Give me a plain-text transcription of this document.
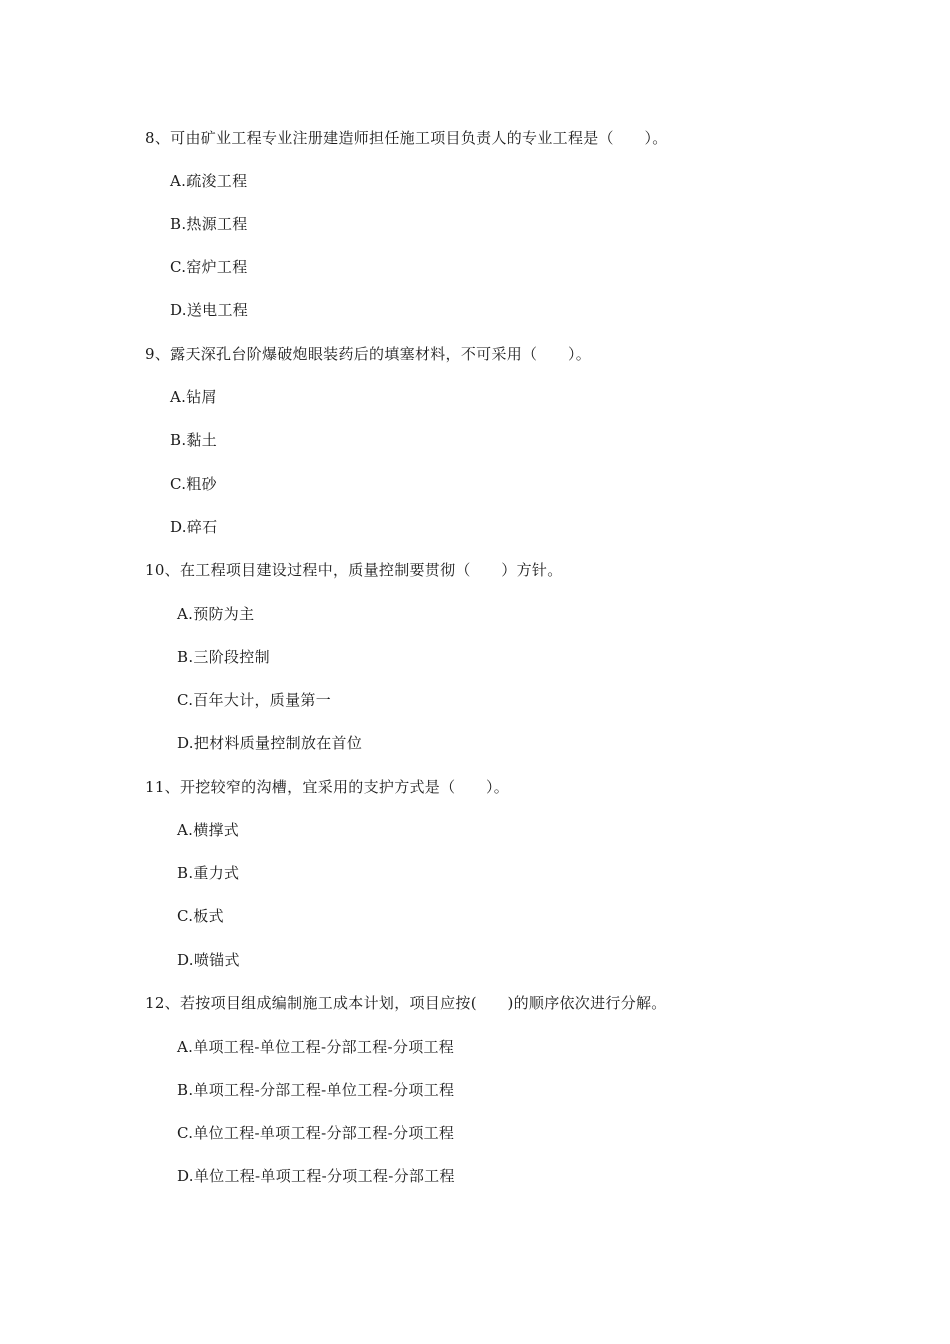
8、可由矿业工程专业注册建造师担任施工项目负责人的专业工程是（　　）。
A.疏浚工程
B.热源工程
C.窑炉工程
D.送电工程
9、露天深孔台阶爆破炮眼装药后的填塞材料，不可采用（　　）。
A.钻屑
B.黏土
C.粗砂
D.碎石
10、在工程项目建设过程中，质量控制要贯彻（　　）方针。
A.预防为主
B.三阶段控制
C.百年大计，质量第一
D.把材料质量控制放在首位
11、开挖较窄的沟槽，宜采用的支护方式是（　　）。
A.横撑式
B.重力式
C.板式
D.喷锚式
12、若按项目组成编制施工成本计划，项目应按(　　)的顺序依次进行分解。
A.单项工程-单位工程-分部工程-分项工程
B.单项工程-分部工程-单位工程-分项工程
C.单位工程-单项工程-分部工程-分项工程
D.单位工程-单项工程-分项工程-分部工程
